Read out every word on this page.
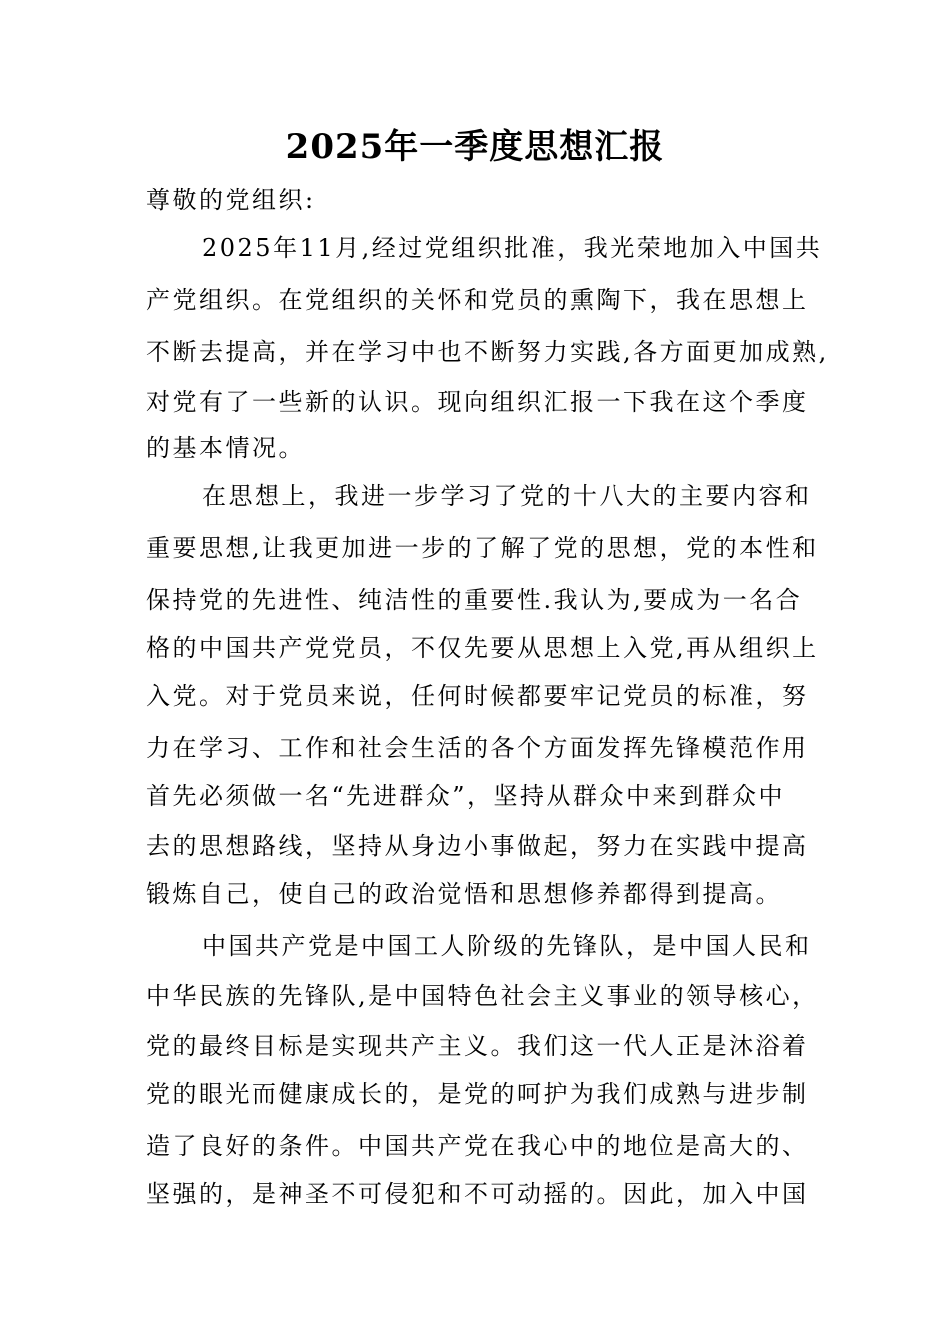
2025年一季度思想汇报
尊敬的党组织:
2025年11月,经过党组织批准，我光荣地加入中国共
产党组织。在党组织的关怀和党员的熏陶下，我在思想上
不断去提高，并在学习中也不断努力实践,各方面更加成熟,
对党有了一些新的认识。现向组织汇报一下我在这个季度
的基本情况。
在思想上，我进一步学习了党的十八大的主要内容和
重要思想,让我更加进一步的了解了党的思想，党的本性和
保持党的先进性、纯洁性的重要性.我认为,要成为一名合
格的中国共产党党员，不仅先要从思想上入党,再从组织上
入党。对于党员来说，任何时候都要牢记党员的标准，努
力在学习、工作和社会生活的各个方面发挥先锋模范作用
首先必须做一名“先进群众”，坚持从群众中来到群众中
去的思想路线，坚持从身边小事做起，努力在实践中提高
锻炼自己，使自己的政治觉悟和思想修养都得到提高。
中国共产党是中国工人阶级的先锋队，是中国人民和
中华民族的先锋队,是中国特色社会主义事业的领导核心，
党的最终目标是实现共产主义。我们这一代人正是沐浴着
党的眼光而健康成长的，是党的呵护为我们成熟与进步制
造了良好的条件。中国共产党在我心中的地位是高大的、
坚强的，是神圣不可侵犯和不可动摇的。因此，加入中国
